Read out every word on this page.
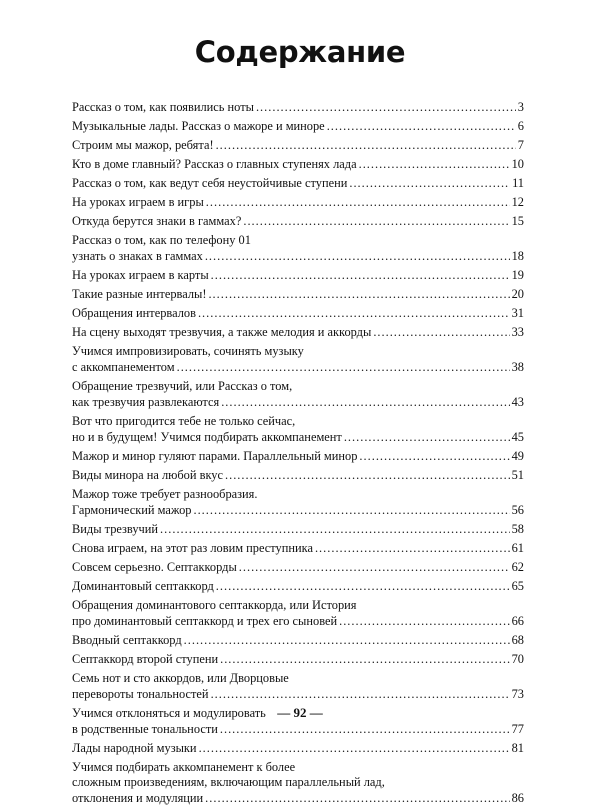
Содержание
Рассказ о том, как появились ноты .....	3
Музыкальные лады. Рассказ о мажоре и миноре .....	6
Строим мы мажор, ребята! .....	7
Кто в доме главный? Рассказ о главных ступенях лада .....	10
Рассказ о том, как ведут себя неустойчивые ступени .....	11
На уроках играем в игры .....	12
Откуда берутся знаки в гаммах? .....	15
Рассказ о том, как по телефону 01
узнать о знаках в гаммах .....	18
На уроках играем в карты .....	19
Такие разные интервалы! .....	20
Обращения интервалов .....	31
На сцену выходят трезвучия, а также мелодия и аккорды .....	33
Учимся импровизировать, сочинять музыку
с аккомпанементом .....	38
Обращение трезвучий, или Рассказ о том,
как трезвучия развлекаются .....	43
Вот что пригодится тебе не только сейчас,
но и в будущем! Учимся подбирать аккомпанемент .....	45
Мажор и минор гуляют парами. Параллельный минор .....	49
Виды минора на любой вкус .....	51
Мажор тоже требует разнообразия.
Гармонический мажор .....	56
Виды трезвучий .....	58
Снова играем, на этот раз ловим преступника .....	61
Совсем серьезно. Септаккорды .....	62
Доминантовый септаккорд .....	65
Обращения доминантового септаккорда, или История
про доминантовый септаккорд и трех его сыновей .....	66
Вводный септаккорд .....	68
Септаккорд второй ступени .....	70
Семь нот и сто аккордов, или Дворцовые
перевороты тональностей .....	73
Учимся отклоняться и модулировать
в родственные тональности .....	77
Лады народной музыки .....	81
Учимся подбирать аккомпанемент к более
сложным произведениям, включающим параллельный лад,
отклонения и модуляции .....	86
— 92 —
